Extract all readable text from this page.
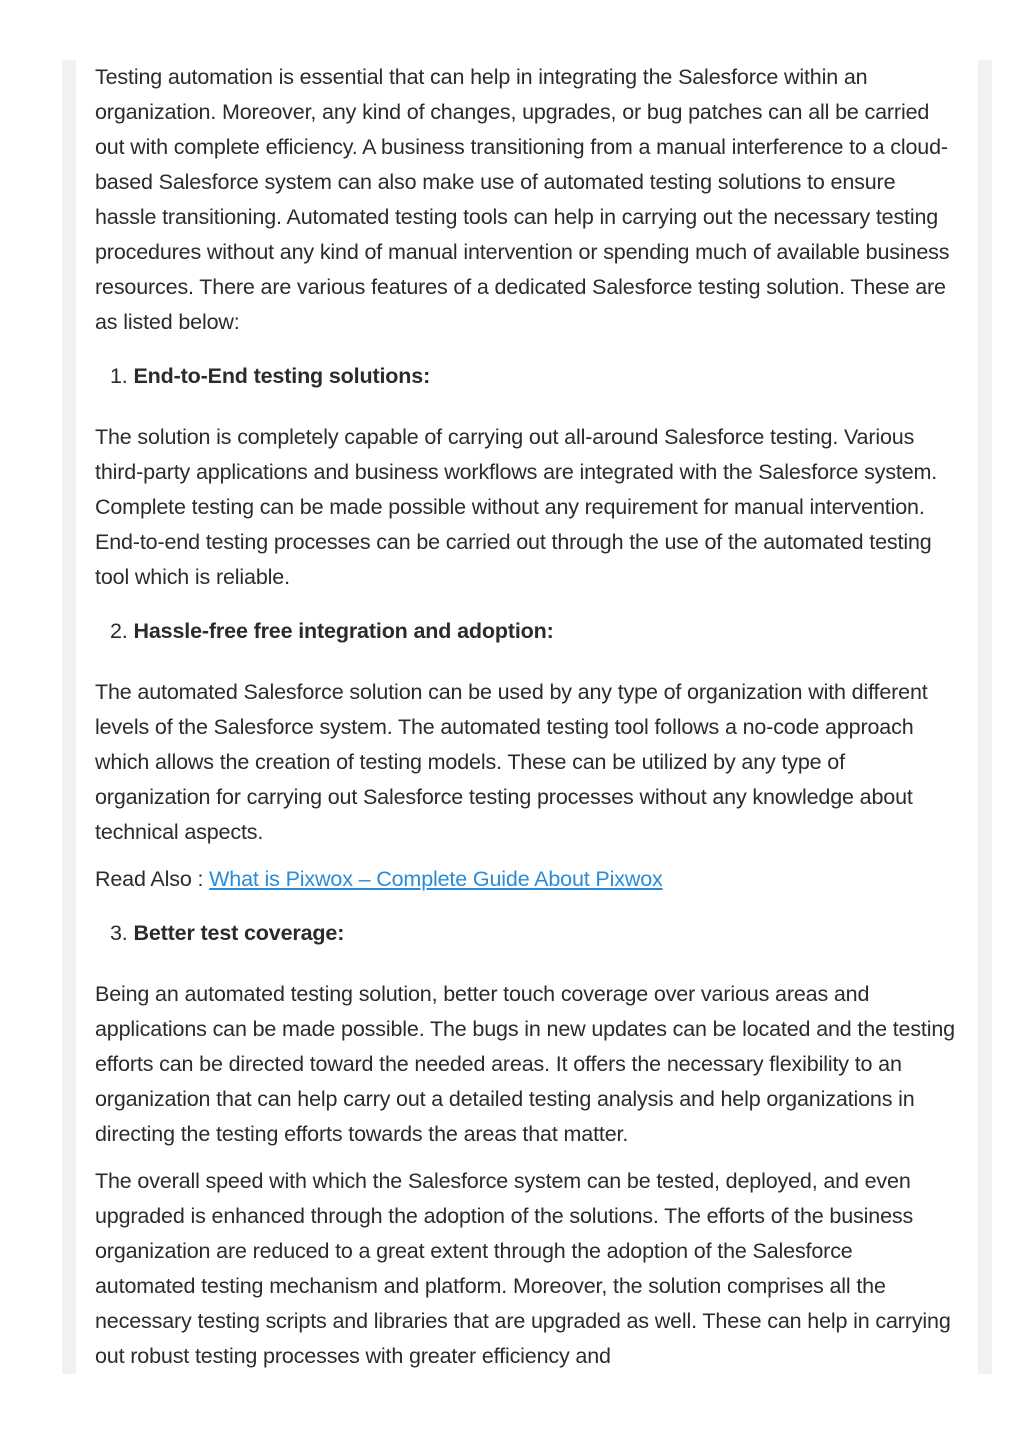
Testing automation is essential that can help in integrating the Salesforce within an organization. Moreover, any kind of changes, upgrades, or bug patches can all be carried out with complete efficiency. A business transitioning from a manual interference to a cloud-based Salesforce system can also make use of automated testing solutions to ensure hassle transitioning. Automated testing tools can help in carrying out the necessary testing procedures without any kind of manual intervention or spending much of available business resources. There are various features of a dedicated Salesforce testing solution. These are as listed below:

1. End-to-End testing solutions:

The solution is completely capable of carrying out all-around Salesforce testing. Various third-party applications and business workflows are integrated with the Salesforce system. Complete testing can be made possible without any requirement for manual intervention. End-to-end testing processes can be carried out through the use of the automated testing tool which is reliable.

2. Hassle-free free integration and adoption:

The automated Salesforce solution can be used by any type of organization with different levels of the Salesforce system. The automated testing tool follows a no-code approach which allows the creation of testing models. These can be utilized by any type of organization for carrying out Salesforce testing processes without any knowledge about technical aspects.

Read Also : What is Pixwox – Complete Guide About Pixwox

3. Better test coverage:

Being an automated testing solution, better touch coverage over various areas and applications can be made possible. The bugs in new updates can be located and the testing efforts can be directed toward the needed areas. It offers the necessary flexibility to an organization that can help carry out a detailed testing analysis and help organizations in directing the testing efforts towards the areas that matter.

The overall speed with which the Salesforce system can be tested, deployed, and even upgraded is enhanced through the adoption of the solutions. The efforts of the business organization are reduced to a great extent through the adoption of the Salesforce automated testing mechanism and platform. Moreover, the solution comprises all the necessary testing scripts and libraries that are upgraded as well. These can help in carrying out robust testing processes with greater efficiency and
